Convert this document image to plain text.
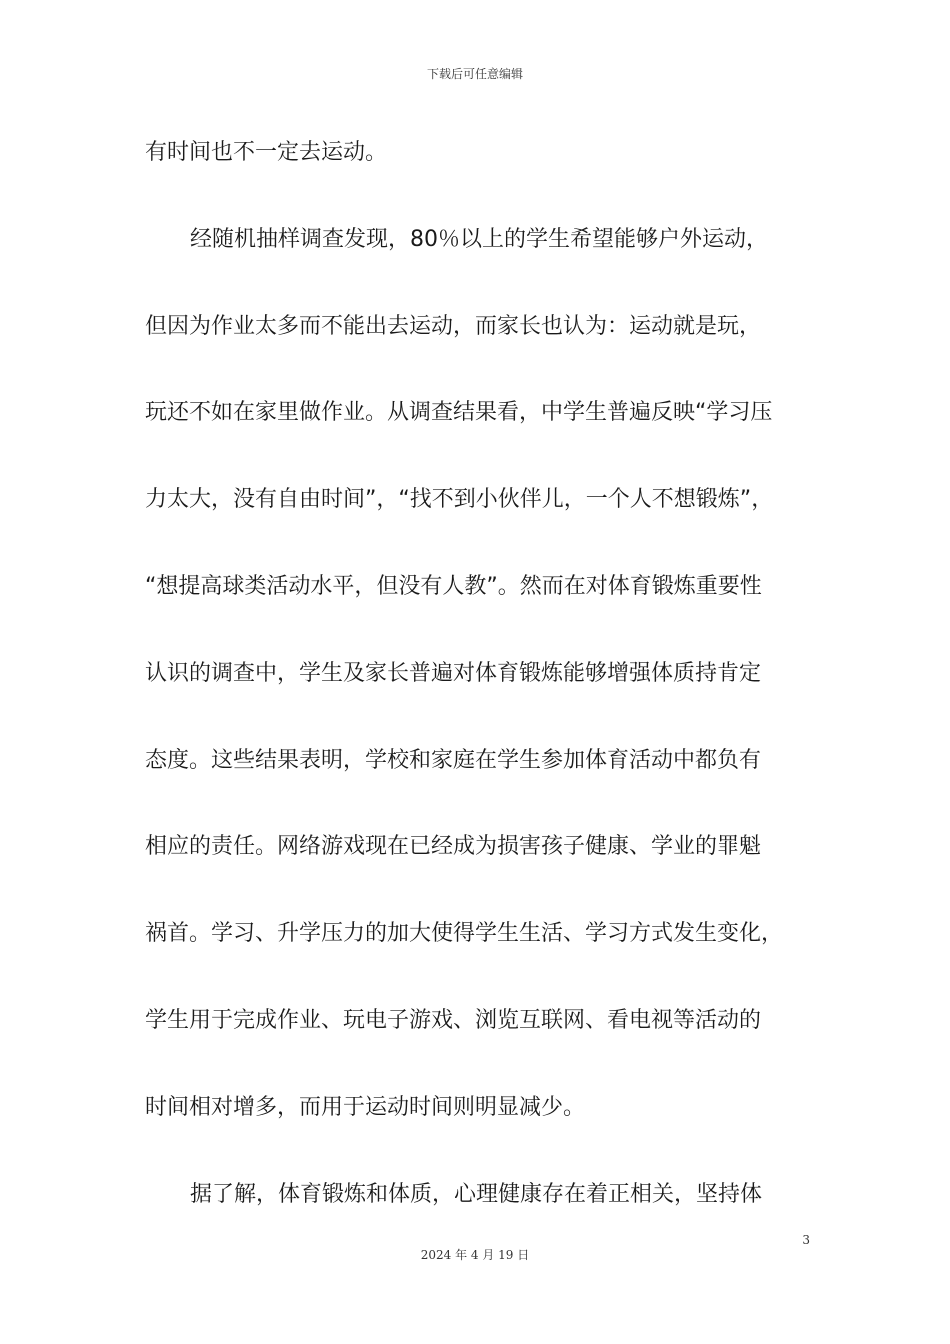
下载后可任意编辑
有时间也不一定去运动。
经随机抽样调查发现，80％以上的学生希望能够户外运动，
但因为作业太多而不能出去运动，而家长也认为：运动就是玩，
玩还不如在家里做作业。从调查结果看，中学生普遍反映“学习压
力太大，没有自由时间”，“找不到小伙伴儿，一个人不想锻炼”，
“想提高球类活动水平，但没有人教”。然而在对体育锻炼重要性
认识的调查中，学生及家长普遍对体育锻炼能够增强体质持肯定
态度。这些结果表明，学校和家庭在学生参加体育活动中都负有
相应的责任。网络游戏现在已经成为损害孩子健康、学业的罪魁
祸首。学习、升学压力的加大使得学生生活、学习方式发生变化，
学生用于完成作业、玩电子游戏、浏览互联网、看电视等活动的
时间相对增多，而用于运动时间则明显减少。
据了解，体育锻炼和体质，心理健康存在着正相关，坚持体
3
2024 年 4 月 19 日
